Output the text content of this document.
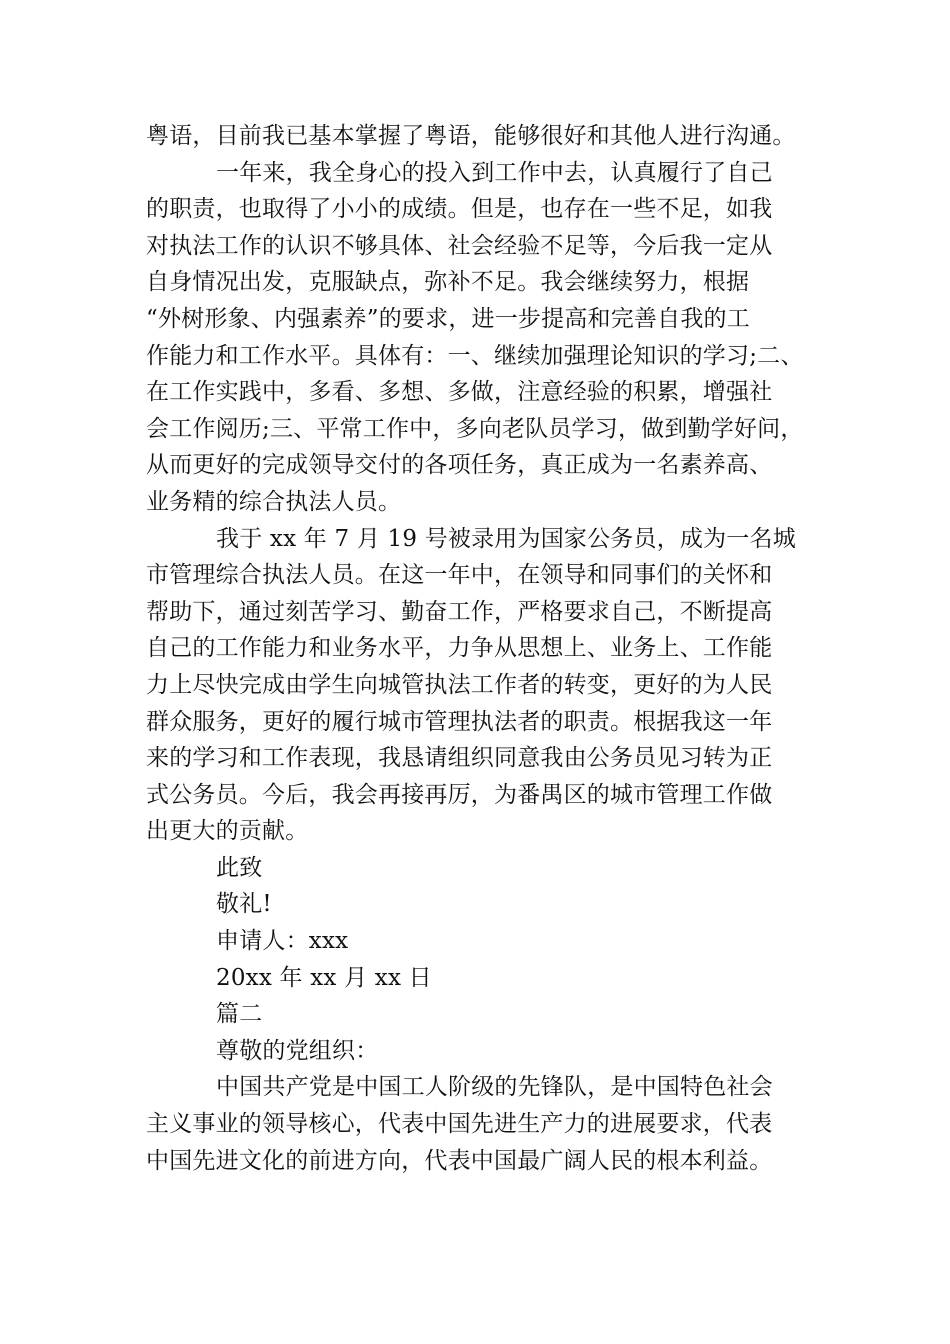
粤语，目前我已基本掌握了粤语，能够很好和其他人进行沟通。
一年来，我全身心的投入到工作中去，认真履行了自己
的职责，也取得了小小的成绩。但是，也存在一些不足，如我
对执法工作的认识不够具体、社会经验不足等，今后我一定从
自身情况出发，克服缺点，弥补不足。我会继续努力，根据
“外树形象、内强素养”的要求，进一步提高和完善自我的工
作能力和工作水平。具体有：一、继续加强理论知识的学习;二、
在工作实践中，多看、多想、多做，注意经验的积累，增强社
会工作阅历;三、平常工作中，多向老队员学习，做到勤学好问，
从而更好的完成领导交付的各项任务，真正成为一名素养高、
业务精的综合执法人员。
我于 xx 年 7 月 19 号被录用为国家公务员，成为一名城
市管理综合执法人员。在这一年中，在领导和同事们的关怀和
帮助下，通过刻苦学习、勤奋工作，严格要求自己，不断提高
自己的工作能力和业务水平，力争从思想上、业务上、工作能
力上尽快完成由学生向城管执法工作者的转变，更好的为人民
群众服务，更好的履行城市管理执法者的职责。根据我这一年
来的学习和工作表现，我恳请组织同意我由公务员见习转为正
式公务员。今后，我会再接再厉，为番禺区的城市管理工作做
出更大的贡献。
此致
敬礼!
申请人：xxx
20xx 年 xx 月 xx 日
篇二
尊敬的党组织：
中国共产党是中国工人阶级的先锋队，是中国特色社会
主义事业的领导核心，代表中国先进生产力的进展要求，代表
中国先进文化的前进方向，代表中国最广阔人民的根本利益。
